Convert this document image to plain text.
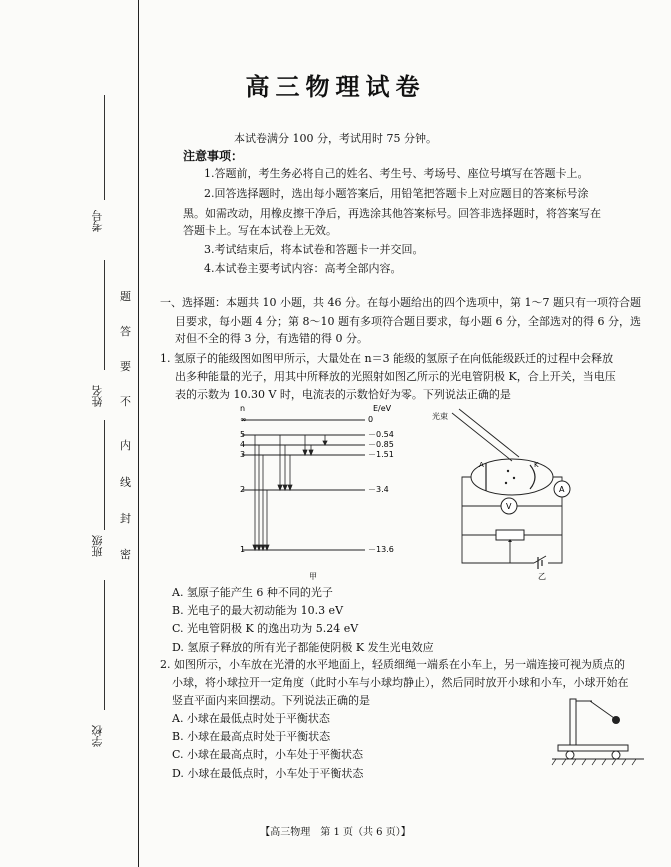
考号
姓名
班级
学校
题
答
要
不
内
线
封
密
高三物理试卷
本试卷满分 100 分，考试用时 75 分钟。
注意事项：
1.答题前，考生务必将自己的姓名、考生号、考场号、座位号填写在答题卡上。
2.回答选择题时，选出每小题答案后，用铅笔把答题卡上对应题目的答案标号涂
黑。如需改动，用橡皮擦干净后，再选涂其他答案标号。回答非选择题时，将答案写在
答题卡上。写在本试卷上无效。
3.考试结束后，将本试卷和答题卡一并交回。
4.本试卷主要考试内容：高考全部内容。
一、选择题：本题共 10 小题，共 46 分。在每小题给出的四个选项中，第 1～7 题只有一项符合题
目要求，每小题 4 分；第 8～10 题有多项符合题目要求，每小题 6 分，全部选对的得 6 分，选
对但不全的得 3 分，有选错的得 0 分。
1. 氢原子的能级图如图甲所示，大量处在 n＝3 能级的氢原子在向低能级跃迁的过程中会释放
出多种能量的光子，用其中所释放的光照射如图乙所示的光电管阴极 K，合上开关，当电压
表的示数为 10.30 V 时，电流表的示数恰好为零。下列说法正确的是
n	E/eV
∞
5
4
3
2
1
0
－0.54
－0.85
－1.51
－3.4
－13.6
甲
光束
A	K
V
A
乙
A. 氢原子能产生 6 种不同的光子
B. 光电子的最大初动能为 10.3 eV
C. 光电管阴极 K 的逸出功为 5.24 eV
D. 氢原子释放的所有光子都能使阴极 K 发生光电效应
2. 如图所示，小车放在光滑的水平地面上，轻质细绳一端系在小车上，另一端连接可视为质点的
小球，将小球拉开一定角度（此时小车与小球均静止），然后同时放开小球和小车，小球开始在
竖直平面内来回摆动。下列说法正确的是
A. 小球在最低点时处于平衡状态
B. 小球在最高点时处于平衡状态
C. 小球在最高点时，小车处于平衡状态
D. 小球在最低点时，小车处于平衡状态
【高三物理　第 1 页（共 6 页）】
